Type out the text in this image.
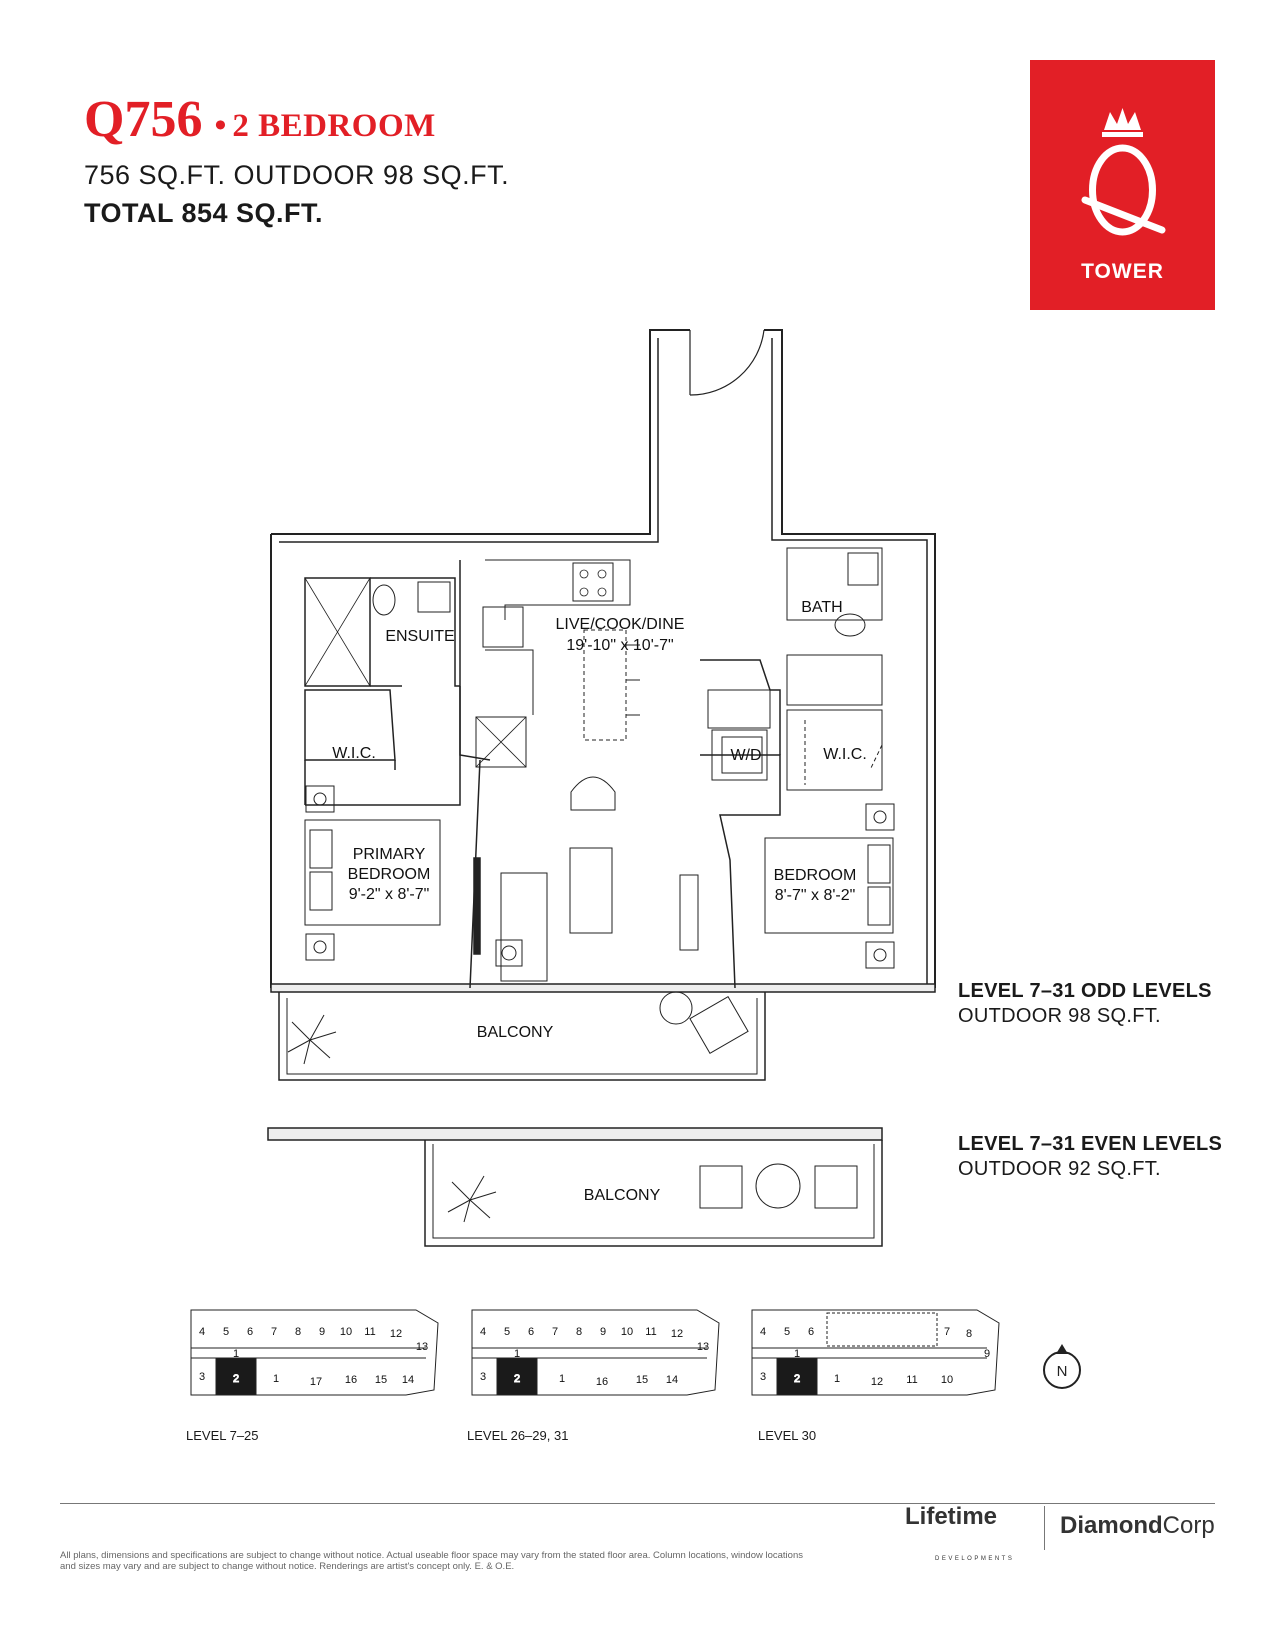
Q756 • 2 BEDROOM
756 SQ.FT. OUTDOOR 98 SQ.FT.
TOTAL 854 SQ.FT.
TOWER
ENSUITE
W.I.C.
LIVE/COOK/DINE
19'-10" x 10'-7"
BATH
W/D	W.I.C.
PRIMARY
BEDROOM
9'-2" x 8'-7"
BEDROOM
8'-7" x 8'-2"
BALCONY
BALCONY
LEVEL 7–31 ODD LEVELS
OUTDOOR 98 SQ.FT.
LEVEL 7–31 EVEN LEVELS
OUTDOOR 92 SQ.FT.
4 5 6 7 8 9 10 11 12
13
3
1
2	1	17 16 15 14
4 5 6 7 8 9 10 11 12
13
3
1
2	1	16	15 14
4 5 6	7 8
9
3
1
2	1	12 11 10
LEVEL 7–25	LEVEL 26–29, 31	LEVEL 30
N
All plans, dimensions and specifications are subject to change without notice. Actual useable floor space may vary from the stated floor area. Column locations, window locations and sizes may vary and are subject to change without notice. Renderings are artist's concept only. E. & O.E.
Lifetime
DEVELOPMENTS
DiamondCorp
